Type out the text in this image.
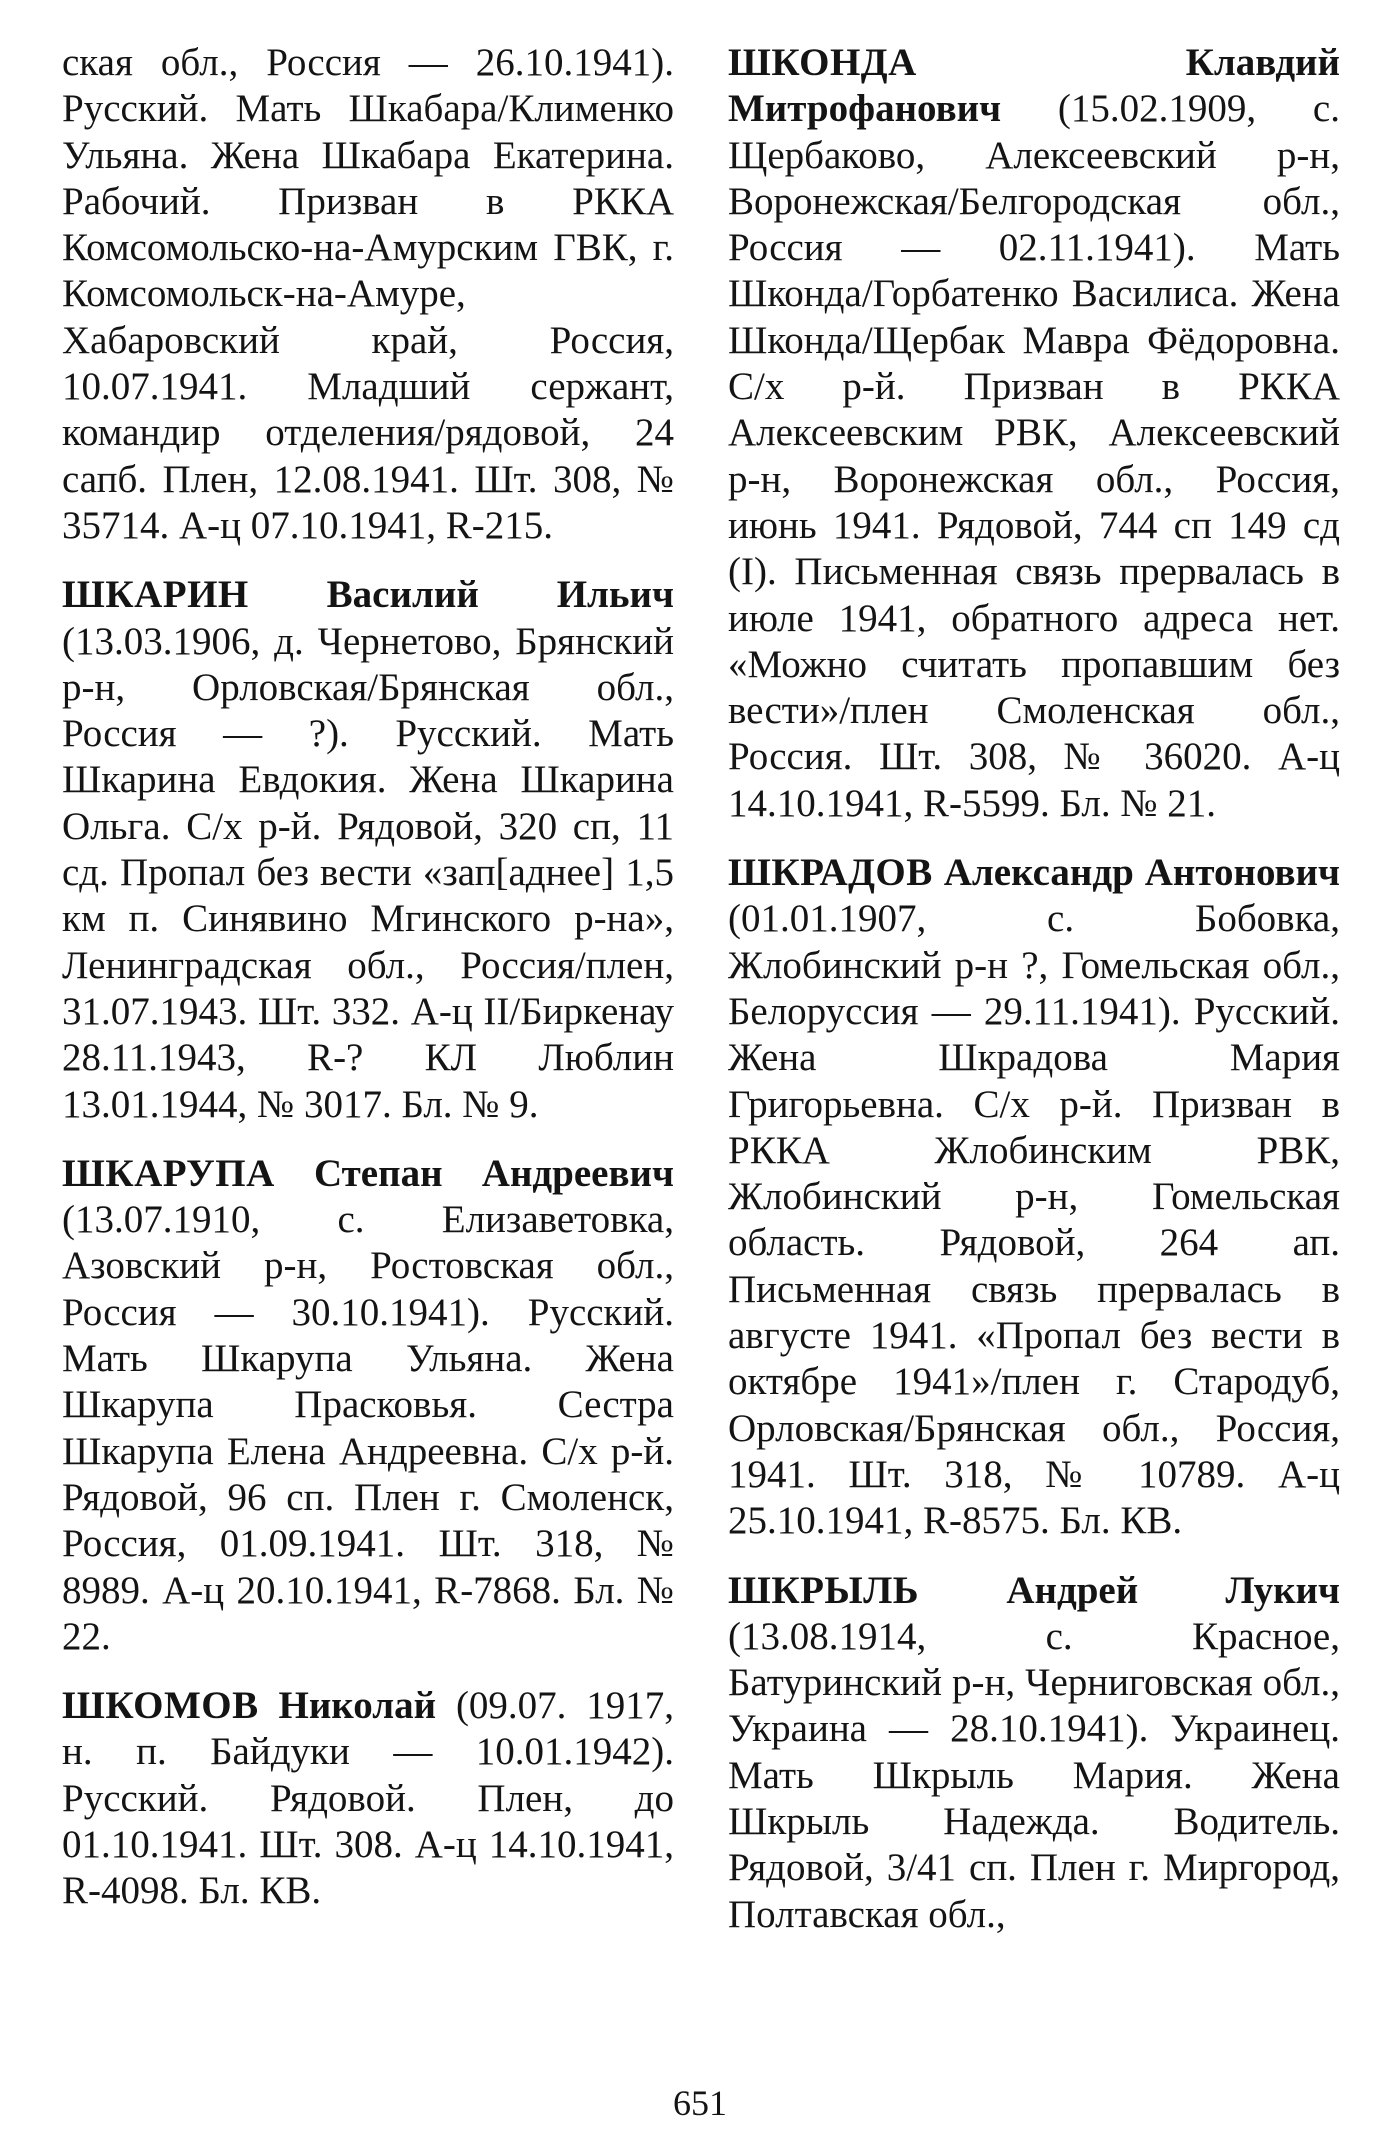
ская обл., Россия — 26.10.1941). Русский. Мать Шкабара/Клименко Ульяна. Жена Шкабара Екатерина. Рабочий. Призван в РККА Комсомольско-на-Амурским ГВК, г. Комсомольск-на-Амуре, Хабаровский край, Россия, 10.07.1941. Младший сержант, командир отделения/рядовой, 24 сапб. Плен, 12.08.1941. Шт. 308, № 35714. А-ц 07.10.1941, R-215.

ШКАРИН Василий Ильич (13.03.1906, д. Чернетово, Брянский р-н, Орловская/Брянская обл., Россия — ?). Русский. Мать Шкарина Евдокия. Жена Шкарина Ольга. С/х р-й. Рядовой, 320 сп, 11 сд. Пропал без вести «зап[аднее] 1,5 км п. Синявино Мгинского р-на», Ленинградская обл., Россия/плен, 31.07.1943. Шт. 332. А-ц II/Биркенау 28.11.1943, R-? КЛ Люблин 13.01.1944, № 3017. Бл. № 9.

ШКАРУПА Степан Андреевич (13.07.1910, с. Елизаветовка, Азовский р-н, Ростовская обл., Россия — 30.10.1941). Русский. Мать Шкарупа Ульяна. Жена Шкарупа Прасковья. Сестра Шкарупа Елена Андреевна. С/х р-й. Рядовой, 96 сп. Плен г. Смоленск, Россия, 01.09.1941. Шт. 318, № 8989. А-ц 20.10.1941, R-7868. Бл. № 22.

ШКОМОВ Николай (09.07. 1917, н. п. Байдуки — 10.01.1942). Русский. Рядовой. Плен, до 01.10.1941. Шт. 308. А-ц 14.10.1941, R-4098. Бл. КВ.

ШКОНДА	Клавдий Митрофанович (15.02.1909, с. Щербаково, Алексеевский р-н, Воронежская/Белгородская обл., Россия — 02.11.1941). Мать Шконда/Горбатенко Василиса. Жена Шконда/Щербак Мавра Фёдоровна. С/х р-й. Призван в РККА Алексеевским РВК, Алексеевский р-н, Воронежская обл., Россия, июнь 1941. Рядовой, 744 сп 149 сд (I). Письменная связь прервалась в июле 1941, обратного адреса нет. «Можно считать пропавшим без вести»/плен Смоленская обл., Россия. Шт. 308, № 36020. А-ц 14.10.1941, R-5599. Бл. № 21.

ШКРАДОВ Александр Антонович (01.01.1907, с. Бобовка, Жлобинский р-н ?, Гомельская обл., Белоруссия — 29.11.1941). Русский. Жена Шкрадова Мария Григорьевна. С/х р-й. Призван в РККА Жлобинским РВК, Жлобинский р-н, Гомельская область. Рядовой, 264 ап. Письменная связь прервалась в августе 1941. «Пропал без вести в октябре 1941»/плен г. Стародуб, Орловская/Брянская обл., Россия, 1941. Шт. 318, № 10789. А-ц 25.10.1941, R-8575. Бл. КВ.

ШКРЫЛЬ Андрей Лукич (13.08.1914, с. Красное, Батуринский р-н, Черниговская обл., Украина — 28.10.1941). Украинец. Мать Шкрыль Мария. Жена Шкрыль Надежда. Водитель. Рядовой, 3/41 сп. Плен г. Миргород, Полтавская обл.,

651
